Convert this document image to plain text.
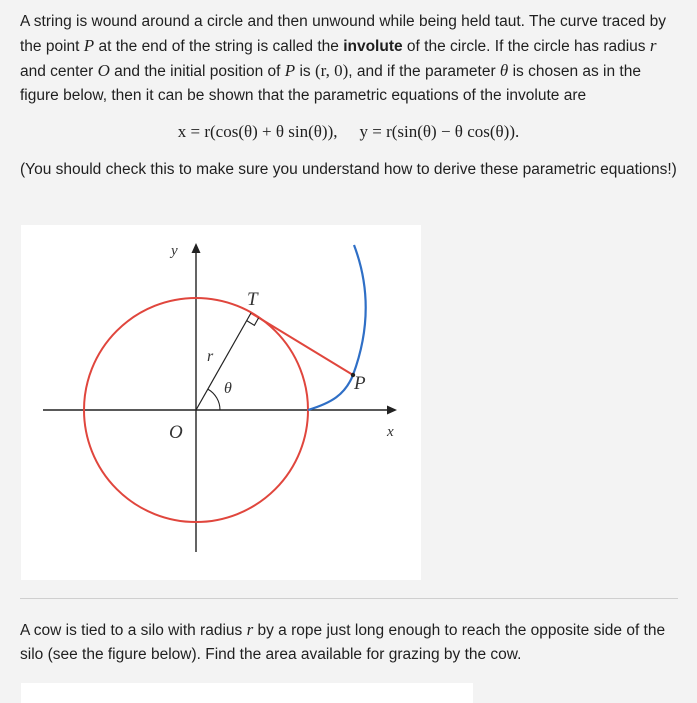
A string is wound around a circle and then unwound while being held taut. The curve traced by the point P at the end of the string is called the involute of the circle. If the circle has radius r and center O and the initial position of P is (r, 0), and if the parameter θ is chosen as in the figure below, then it can be shown that the parametric equations of the involute are

x = r(cos(θ) + θ sin(θ)), y = r(sin(θ) − θ cos(θ)).

(You should check this to make sure you understand how to derive these parametric equations!)

y
x
O
T
P
r
θ

A cow is tied to a silo with radius r by a rope just long enough to reach the opposite side of the silo (see the figure below). Find the area available for grazing by the cow.
